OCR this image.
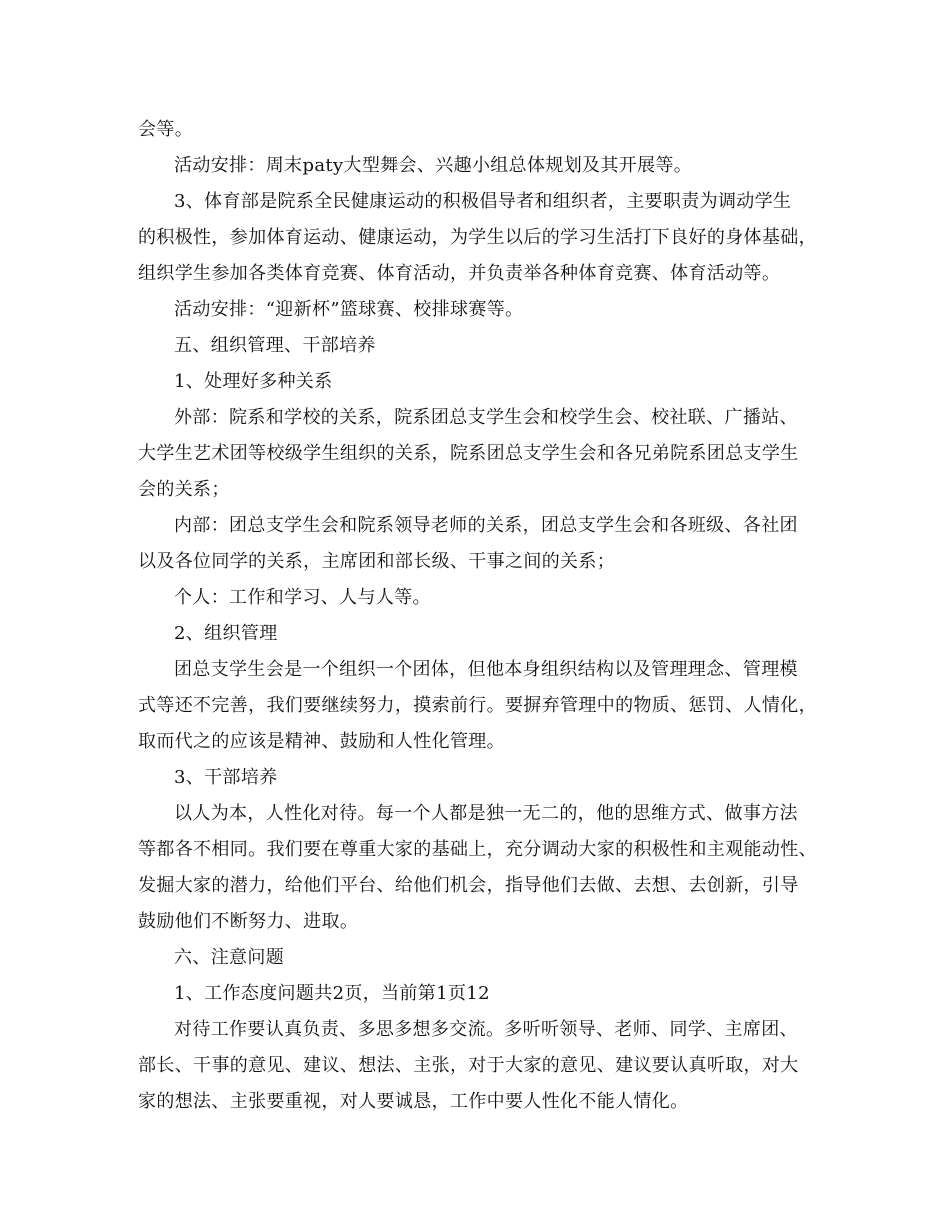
会等。
活动安排：周末paty大型舞会、兴趣小组总体规划及其开展等。
3、体育部是院系全民健康运动的积极倡导者和组织者，主要职责为调动学生
的积极性，参加体育运动、健康运动，为学生以后的学习生活打下良好的身体基础，
组织学生参加各类体育竞赛、体育活动，并负责举各种体育竞赛、体育活动等。
活动安排：“迎新杯”篮球赛、校排球赛等。
五、组织管理、干部培养
1、处理好多种关系
外部：院系和学校的关系，院系团总支学生会和校学生会、校社联、广播站、
大学生艺术团等校级学生组织的关系，院系团总支学生会和各兄弟院系团总支学生
会的关系；
内部：团总支学生会和院系领导老师的关系，团总支学生会和各班级、各社团
以及各位同学的关系，主席团和部长级、干事之间的关系；
个人：工作和学习、人与人等。
2、组织管理
团总支学生会是一个组织一个团体，但他本身组织结构以及管理理念、管理模
式等还不完善，我们要继续努力，摸索前行。要摒弃管理中的物质、惩罚、人情化，
取而代之的应该是精神、鼓励和人性化管理。
3、干部培养
以人为本，人性化对待。每一个人都是独一无二的，他的思维方式、做事方法
等都各不相同。我们要在尊重大家的基础上，充分调动大家的积极性和主观能动性、
发掘大家的潜力，给他们平台、给他们机会，指导他们去做、去想、去创新，引导
鼓励他们不断努力、进取。
六、注意问题
1、工作态度问题共2页，当前第1页12
对待工作要认真负责、多思多想多交流。多听听领导、老师、同学、主席团、
部长、干事的意见、建议、想法、主张，对于大家的意见、建议要认真听取，对大
家的想法、主张要重视，对人要诚恳，工作中要人性化不能人情化。
